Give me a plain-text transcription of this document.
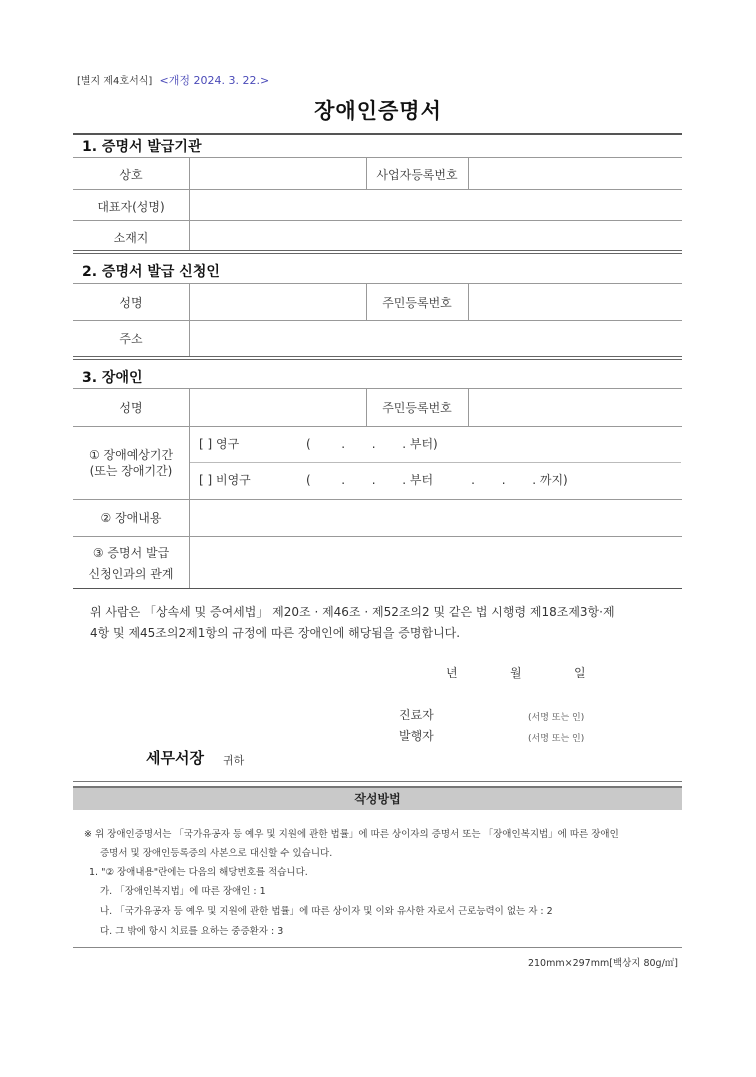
[별지 제4호서식] <개정 2024. 3. 22.>
장애인증명서
1. 증명서 발급기관
상호	사업자등록번호
대표자(성명)
소재지
2. 증명서 발급 신청인
성명	주민등록번호
주소
3. 장애인
성명	주민등록번호
① 장애예상기간
(또는 장애기간)
[ ] 영구	(        .       .       . 부터)
[ ] 비영구	(        .       .       . 부터          .       .       . 까지)
② 장애내용
③ 증명서 발급
신청인과의 관계
위 사람은 「상속세 및 증여세법」 제20조 · 제46조 · 제52조의2 및 같은 법 시행령 제18조제3항·제
4항 및 제45조의2제1항의 규정에 따른 장애인에 해당됨을 증명합니다.
년	월	일
진료자	(서명 또는 인)
발행자	(서명 또는 인)
세무서장 귀하
작성방법
※ 위 장애인증명서는 「국가유공자 등 예우 및 지원에 관한 법률」에 따른 상이자의 증명서 또는 「장애인복지법」에 따른 장애인
증명서 및 장애인등록증의 사본으로 대신할 수 있습니다.
1. "② 장애내용"란에는 다음의 해당번호를 적습니다.
가. 「장애인복지법」에 따른 장애인 : 1
나. 「국가유공자 등 예우 및 지원에 관한 법률」에 따른 상이자 및 이와 유사한 자로서 근로능력이 없는 자 : 2
다. 그 밖에 항시 치료를 요하는 중증환자 : 3
210mm×297mm[백상지 80g/㎡]
